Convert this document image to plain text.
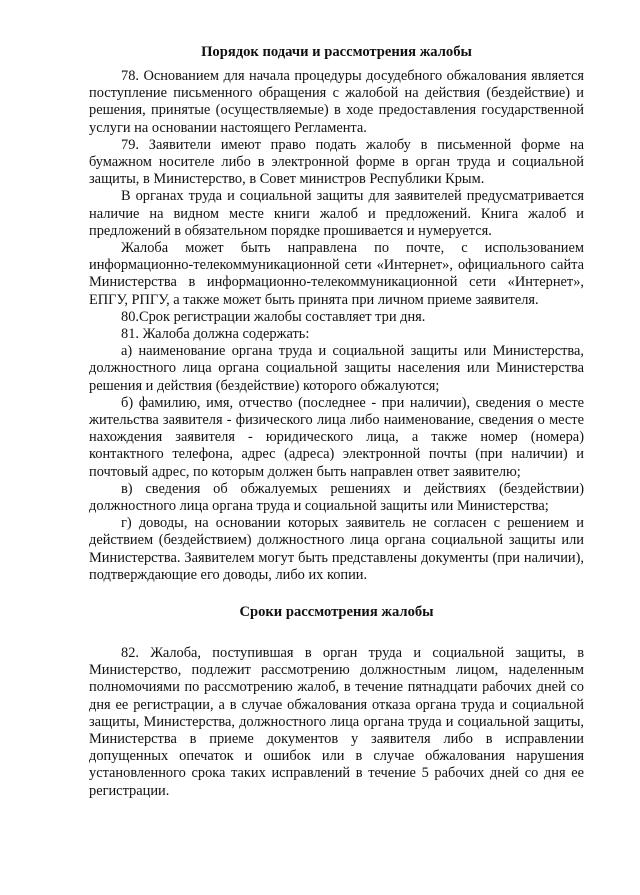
Порядок подачи и рассмотрения жалобы

78. Основанием для начала процедуры досудебного обжалования является поступление письменного обращения с жалобой на действия (бездействие) и решения, принятые (осуществляемые) в ходе предоставления государственной услуги на основании настоящего Регламента.

79. Заявители имеют право подать жалобу в письменной форме на бумажном носителе либо в электронной форме в орган труда и социальной защиты, в Министерство, в Совет министров Республики Крым.

В органах труда и социальной защиты для заявителей предусматривается наличие на видном месте книги жалоб и предложений. Книга жалоб и предложений в обязательном порядке прошивается и нумеруется.

Жалоба может быть направлена по почте, с использованием информационно-телекоммуникационной сети «Интернет», официального сайта Министерства в информационно-телекоммуникационной сети «Интернет», ЕПГУ, РПГУ, а также может быть принята при личном приеме заявителя.

80.Срок регистрации жалобы составляет три дня.

81. Жалоба должна содержать:

а) наименование органа труда и социальной защиты или Министерства, должностного лица органа социальной защиты населения или Министерства решения и действия (бездействие) которого обжалуются;

б) фамилию, имя, отчество (последнее - при наличии), сведения о месте жительства заявителя - физического лица либо наименование, сведения о месте нахождения заявителя - юридического лица, а также номер (номера) контактного телефона, адрес (адреса) электронной почты (при наличии) и почтовый адрес, по которым должен быть направлен ответ заявителю;

в) сведения об обжалуемых решениях и действиях (бездействии) должностного лица органа труда и социальной защиты или Министерства;

г) доводы, на основании которых заявитель не согласен с решением и действием (бездействием) должностного лица органа социальной защиты или Министерства. Заявителем могут быть представлены документы (при наличии), подтверждающие его доводы, либо их копии.

Сроки рассмотрения жалобы

82. Жалоба, поступившая в орган труда и социальной защиты, в Министерство, подлежит рассмотрению должностным лицом, наделенным полномочиями по рассмотрению жалоб, в течение пятнадцати рабочих дней со дня ее регистрации, а в случае обжалования отказа органа труда и социальной защиты, Министерства, должностного лица органа труда и социальной защиты, Министерства в приеме документов у заявителя либо в исправлении допущенных опечаток и ошибок или в случае обжалования нарушения установленного срока таких исправлений в течение 5 рабочих дней со дня ее регистрации.
